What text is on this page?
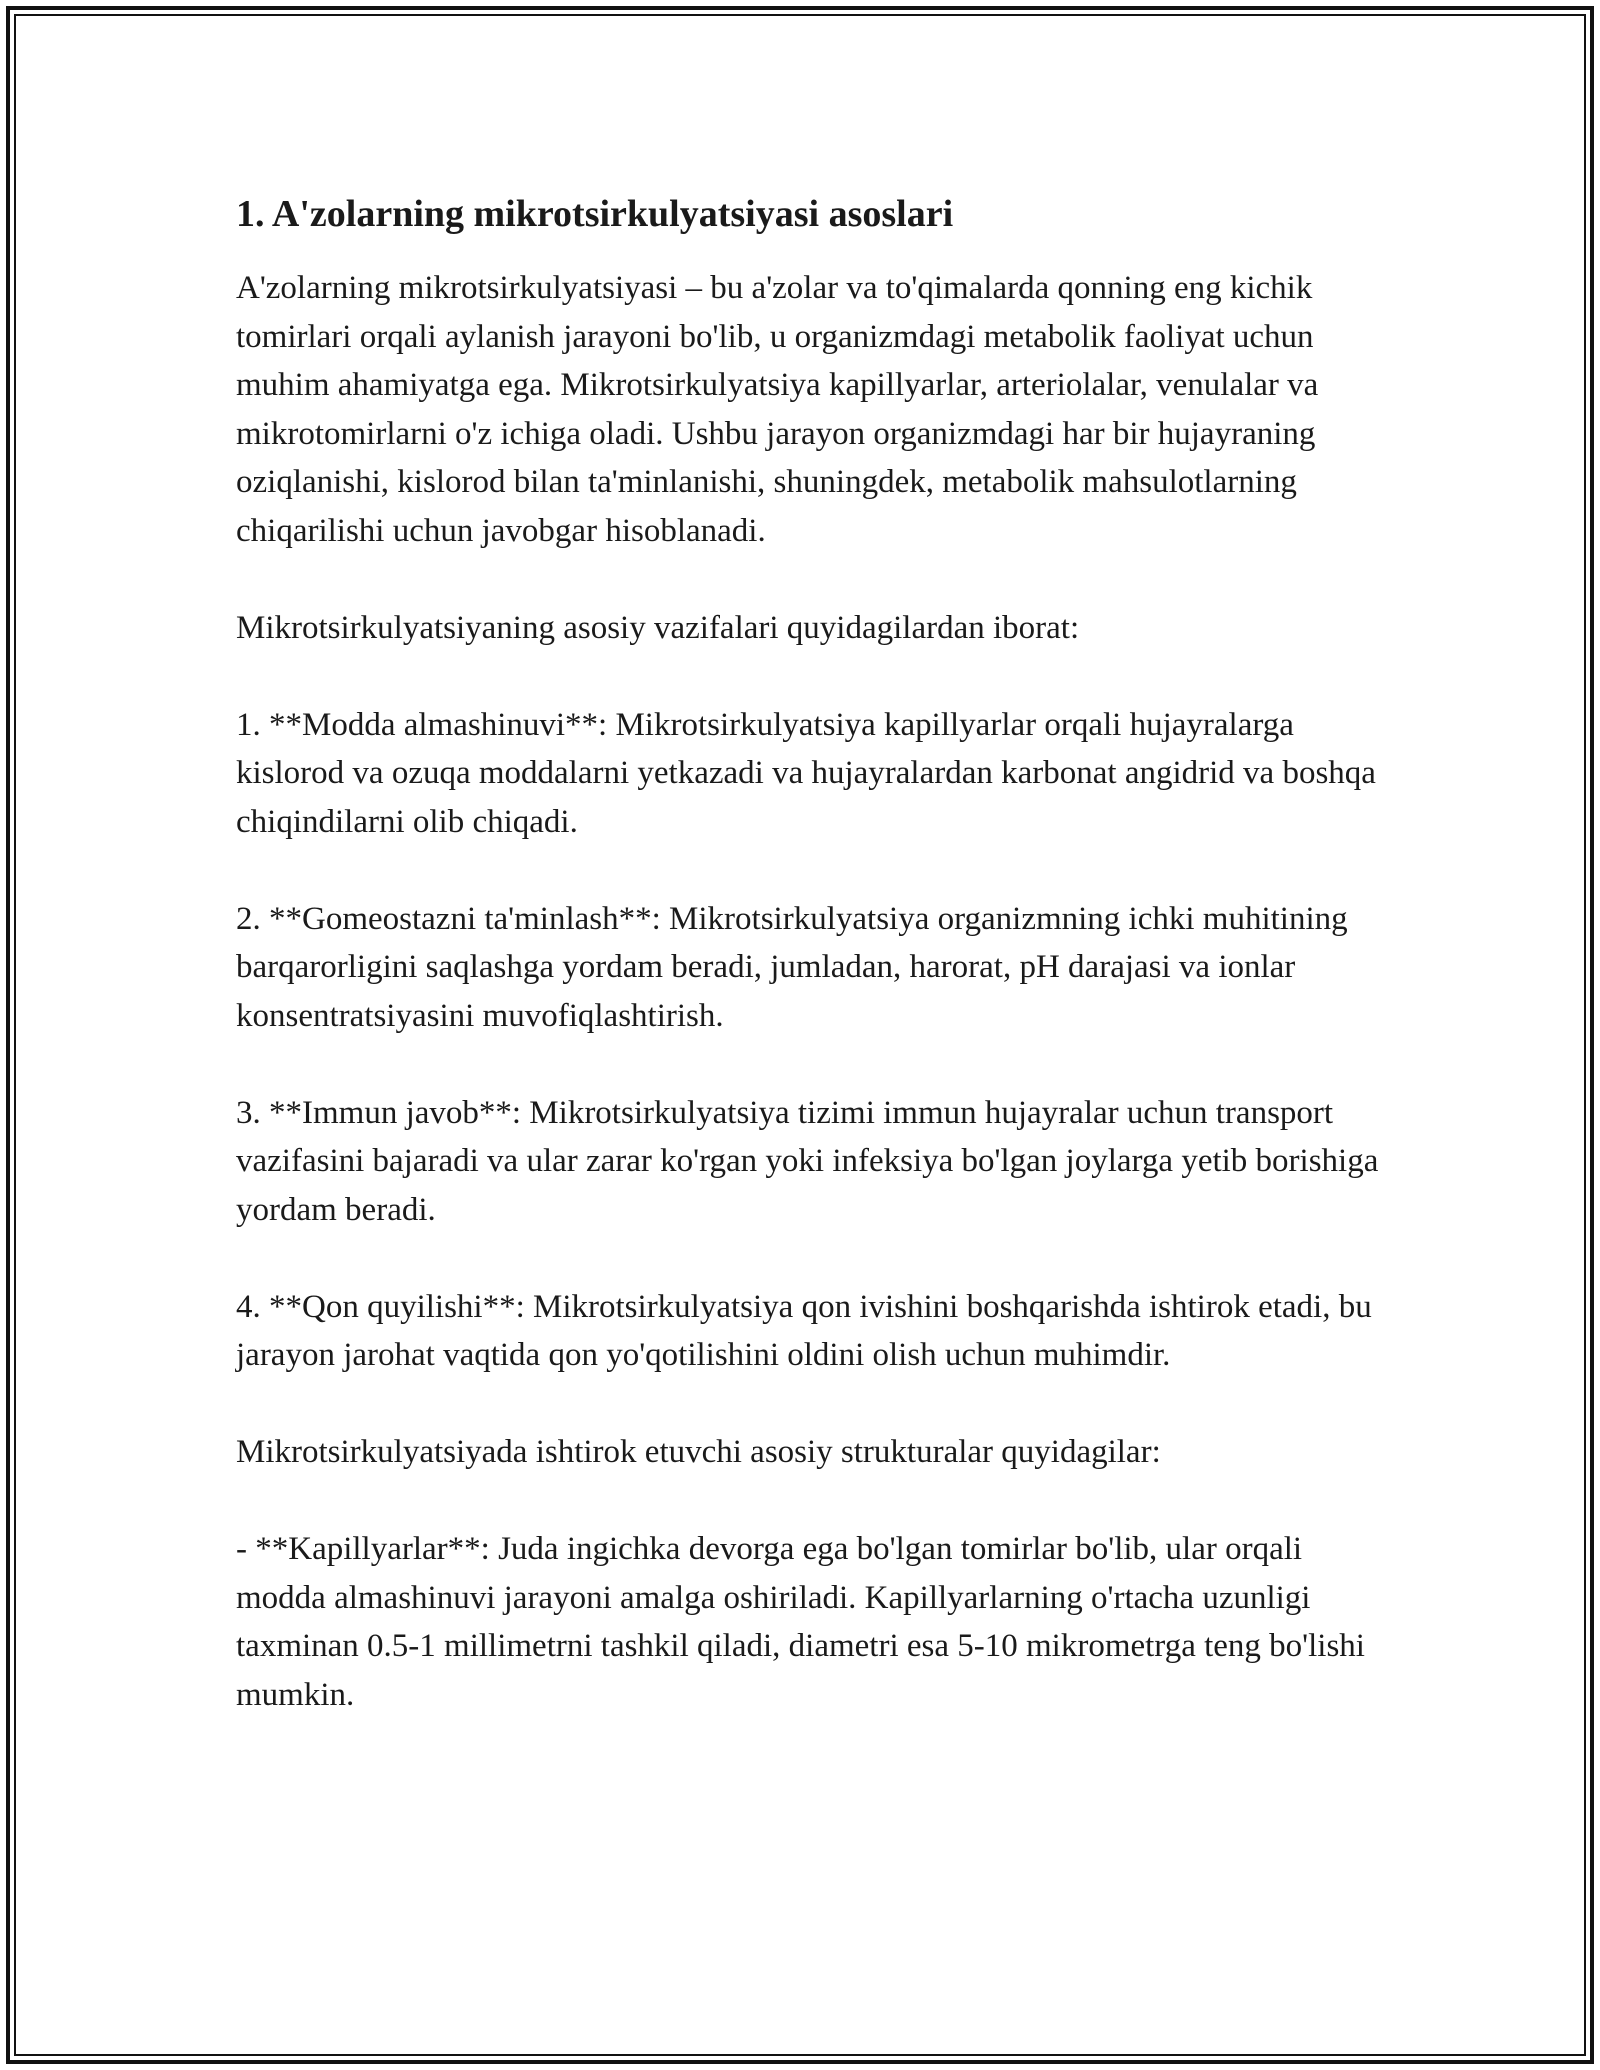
1. A'zolarning mikrotsirkulyatsiyasi asoslari

A'zolarning mikrotsirkulyatsiyasi – bu a'zolar va to'qimalarda qonning eng kichik tomirlari orqali aylanish jarayoni bo'lib, u organizmdagi metabolik faoliyat uchun muhim ahamiyatga ega. Mikrotsirkulyatsiya kapillyarlar, arteriolalar, venulalar va mikrotomirlarni o'z ichiga oladi. Ushbu jarayon organizmdagi har bir hujayraning oziqlanishi, kislorod bilan ta'minlanishi, shuningdek, metabolik mahsulotlarning chiqarilishi uchun javobgar hisoblanadi.

Mikrotsirkulyatsiyaning asosiy vazifalari quyidagilardan iborat:

1. **Modda almashinuvi**: Mikrotsirkulyatsiya kapillyarlar orqali hujayralarga kislorod va ozuqa moddalarni yetkazadi va hujayralardan karbonat angidrid va boshqa chiqindilarni olib chiqadi.

2. **Gomeostazni ta'minlash**: Mikrotsirkulyatsiya organizmning ichki muhitining barqarorligini saqlashga yordam beradi, jumladan, harorat, pH darajasi va ionlar konsentratsiyasini muvofiqlashtirish.

3. **Immun javob**: Mikrotsirkulyatsiya tizimi immun hujayralar uchun transport vazifasini bajaradi va ular zarar ko'rgan yoki infeksiya bo'lgan joylarga yetib borishiga yordam beradi.

4. **Qon quyilishi**: Mikrotsirkulyatsiya qon ivishini boshqarishda ishtirok etadi, bu jarayon jarohat vaqtida qon yo'qotilishini oldini olish uchun muhimdir.

Mikrotsirkulyatsiyada ishtirok etuvchi asosiy strukturalar quyidagilar:

- **Kapillyarlar**: Juda ingichka devorga ega bo'lgan tomirlar bo'lib, ular orqali modda almashinuvi jarayoni amalga oshiriladi. Kapillyarlarning o'rtacha uzunligi taxminan 0.5-1 millimetrni tashkil qiladi, diametri esa 5-10 mikrometrga teng bo'lishi mumkin.
